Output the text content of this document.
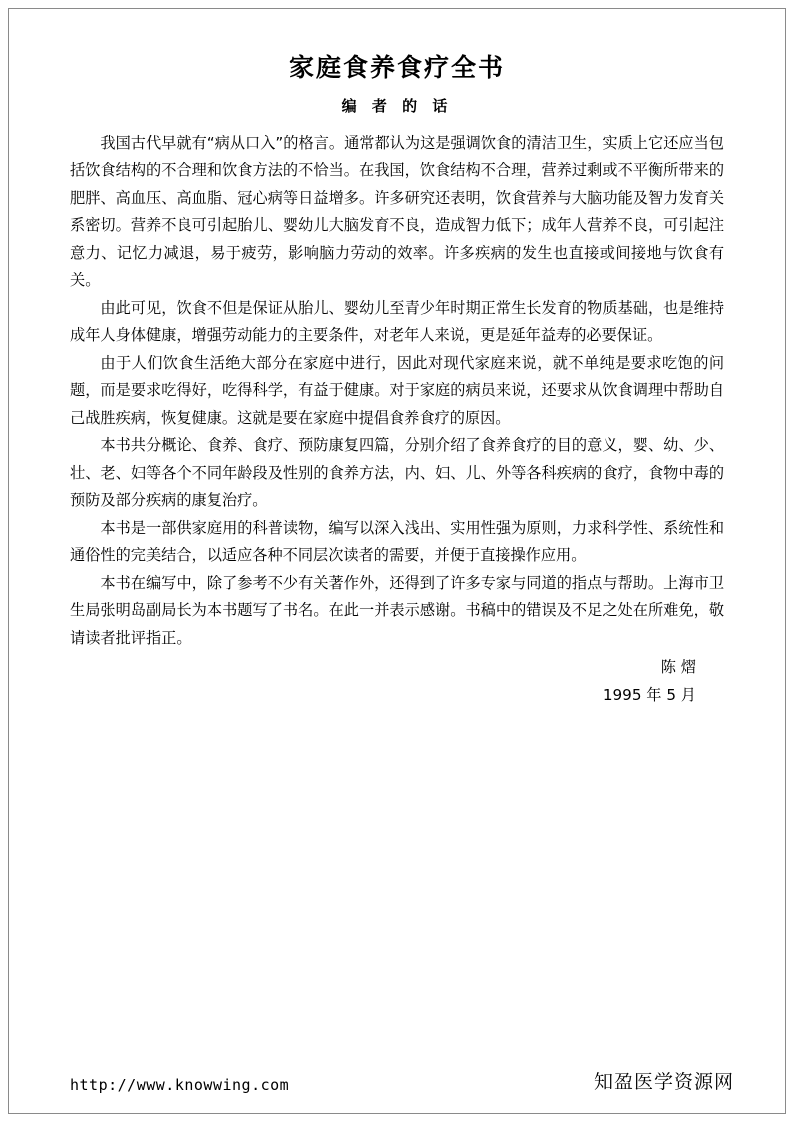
家庭食养食疗全书
编 者 的 话

我国古代早就有“病从口入”的格言。通常都认为这是强调饮食的清洁卫生，实质上它还应当包括饮食结构的不合理和饮食方法的不恰当。在我国，饮食结构不合理，营养过剩或不平衡所带来的肥胖、高血压、高血脂、冠心病等日益增多。许多研究还表明，饮食营养与大脑功能及智力发育关系密切。营养不良可引起胎儿、婴幼儿大脑发育不良，造成智力低下；成年人营养不良，可引起注意力、记忆力减退，易于疲劳，影响脑力劳动的效率。许多疾病的发生也直接或间接地与饮食有关。

由此可见，饮食不但是保证从胎儿、婴幼儿至青少年时期正常生长发育的物质基础，也是维持成年人身体健康，增强劳动能力的主要条件，对老年人来说，更是延年益寿的必要保证。

由于人们饮食生活绝大部分在家庭中进行，因此对现代家庭来说，就不单纯是要求吃饱的问题，而是要求吃得好，吃得科学，有益于健康。对于家庭的病员来说，还要求从饮食调理中帮助自己战胜疾病，恢复健康。这就是要在家庭中提倡食养食疗的原因。

本书共分概论、食养、食疗、预防康复四篇，分别介绍了食养食疗的目的意义，婴、幼、少、壮、老、妇等各个不同年龄段及性别的食养方法，内、妇、儿、外等各科疾病的食疗，食物中毒的预防及部分疾病的康复治疗。

本书是一部供家庭用的科普读物，编写以深入浅出、实用性强为原则，力求科学性、系统性和通俗性的完美结合，以适应各种不同层次读者的需要，并便于直接操作应用。

本书在编写中，除了参考不少有关著作外，还得到了许多专家与同道的指点与帮助。上海市卫生局张明岛副局长为本书题写了书名。在此一并表示感谢。书稿中的错误及不足之处在所难免，敬请读者批评指正。

陈 熠
1995 年 5 月
http://www.knowwing.com	知盈医学资源网
